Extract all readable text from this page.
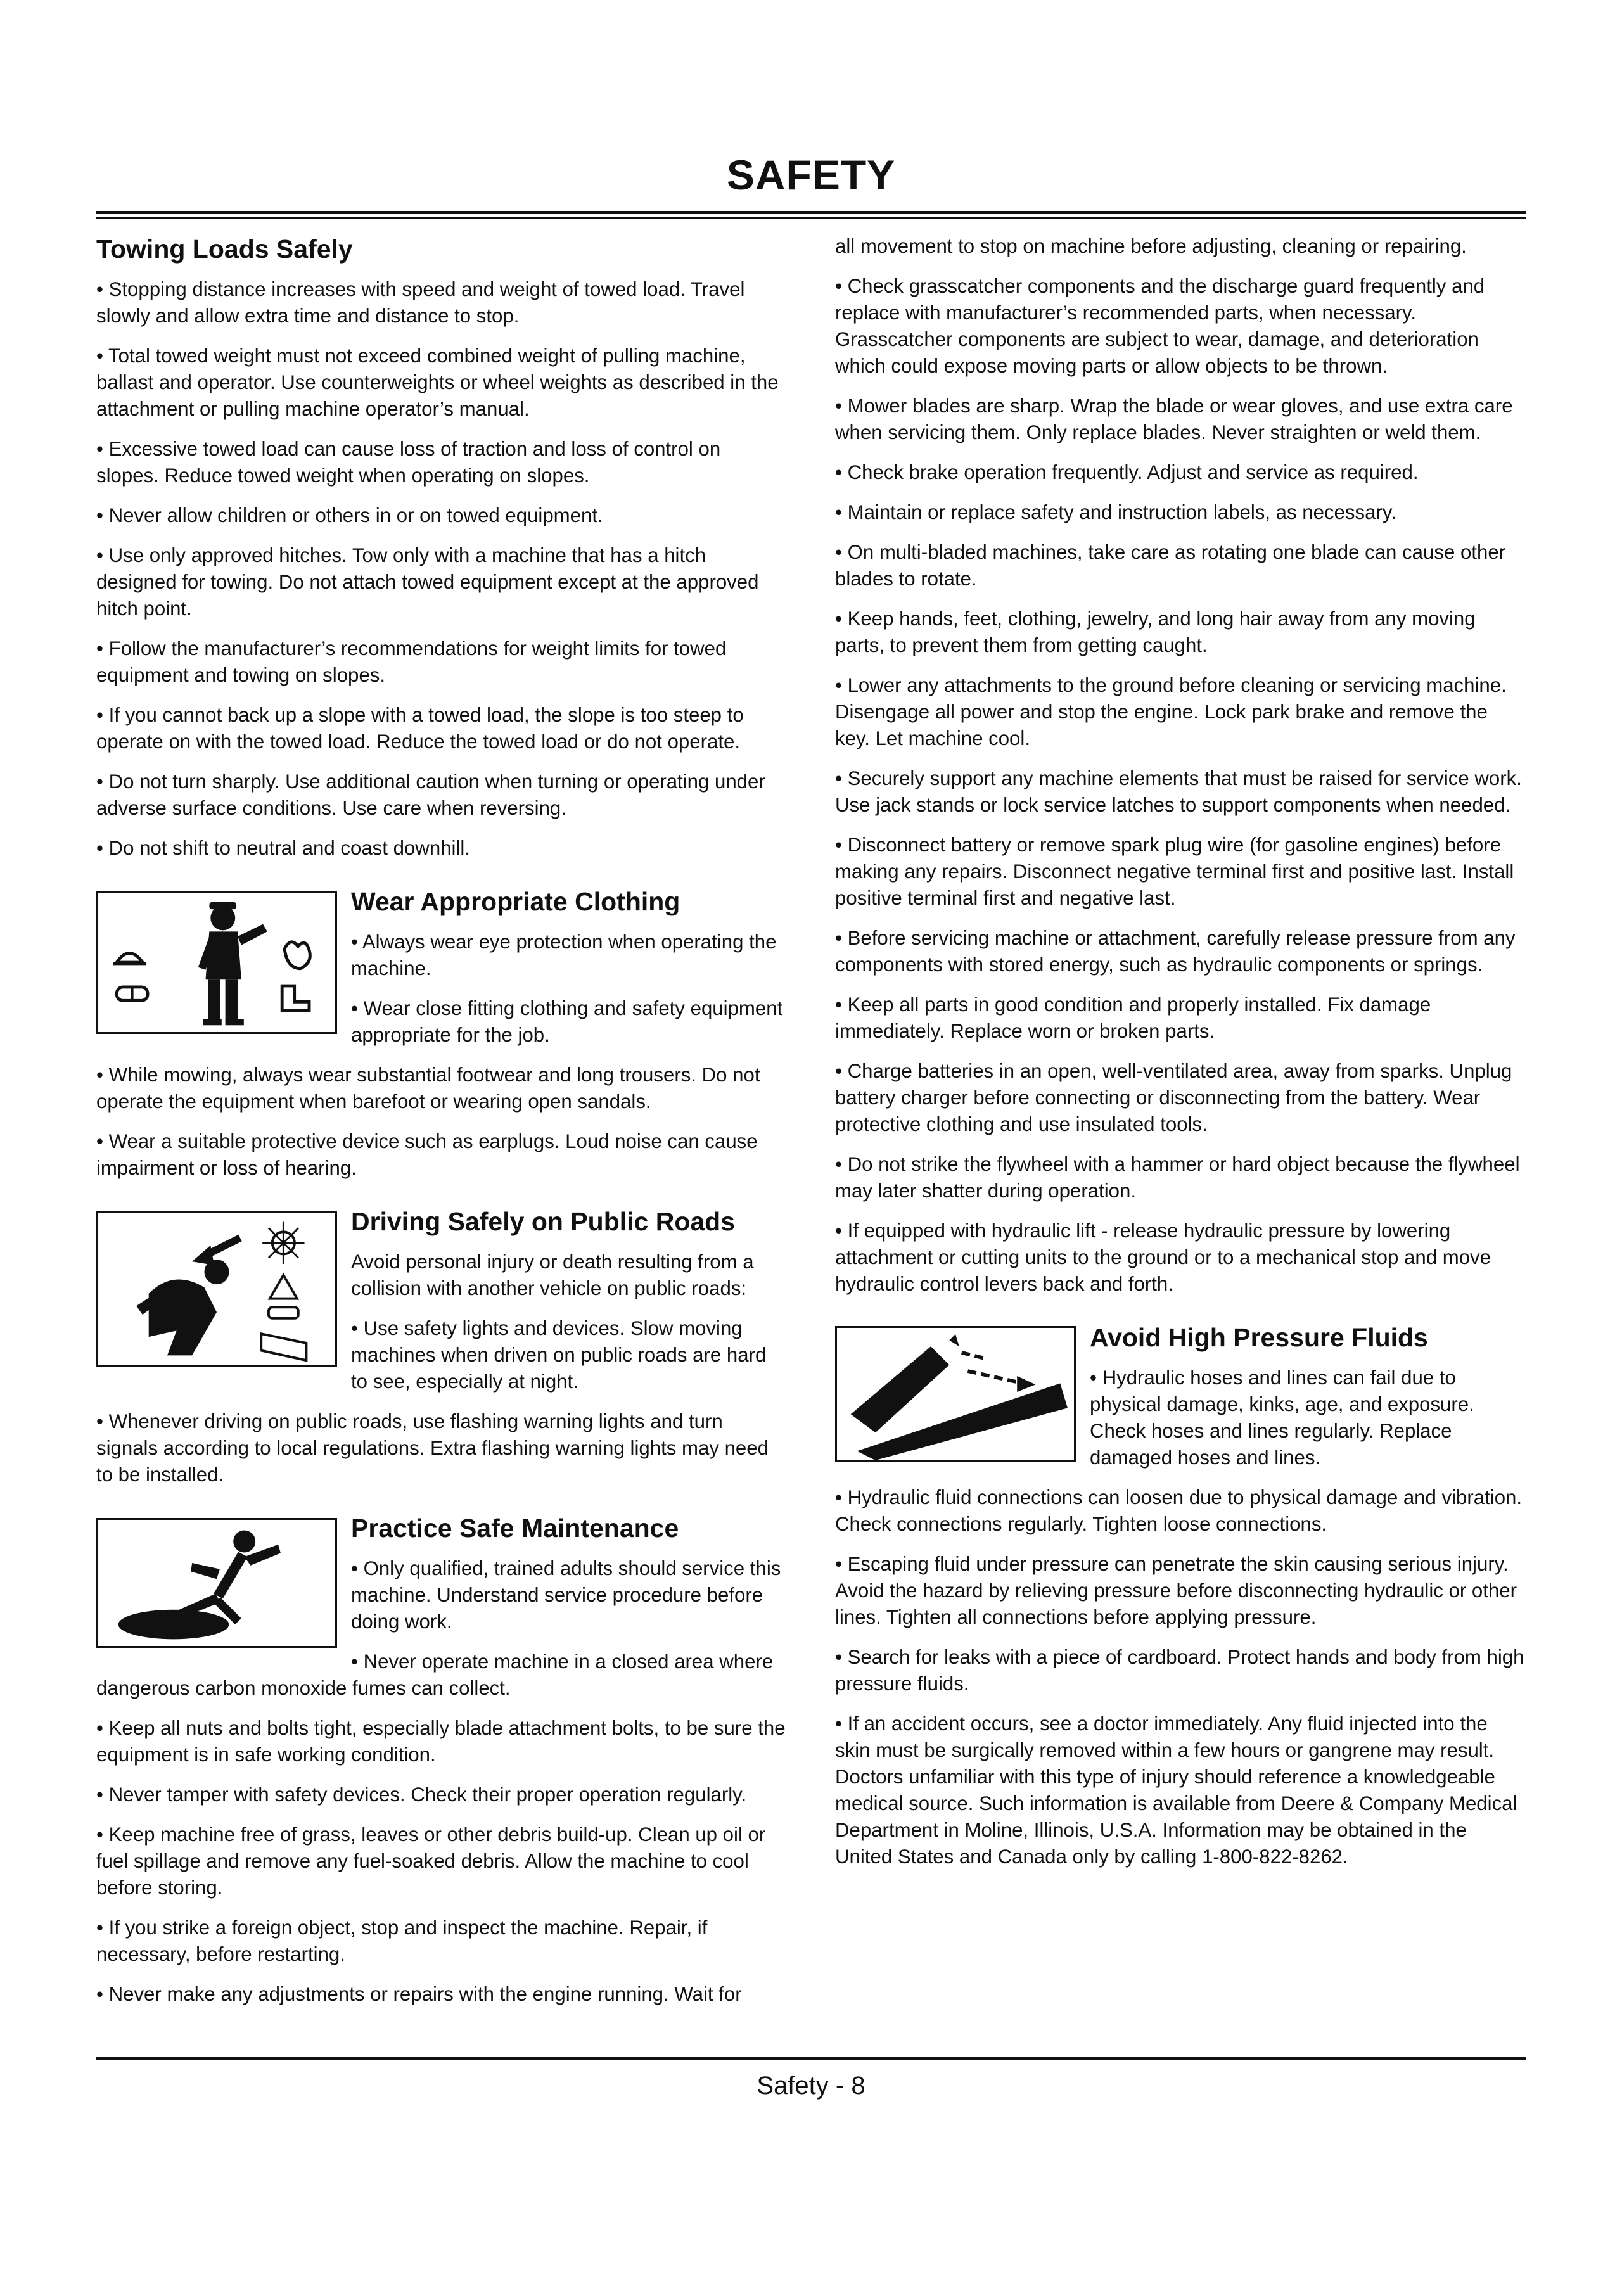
SAFETY
Towing Loads Safely

• Stopping distance increases with speed and weight of towed load. Travel slowly and allow extra time and distance to stop.

• Total towed weight must not exceed combined weight of pulling machine, ballast and operator. Use counterweights or wheel weights as described in the attachment or pulling machine operator’s manual.

• Excessive towed load can cause loss of traction and loss of control on slopes. Reduce towed weight when operating on slopes.

• Never allow children or others in or on towed equipment.

• Use only approved hitches. Tow only with a machine that has a hitch designed for towing. Do not attach towed equipment except at the approved hitch point.

• Follow the manufacturer’s recommendations for weight limits for towed equipment and towing on slopes.

• If you cannot back up a slope with a towed load, the slope is too steep to operate on with the towed load. Reduce the towed load or do not operate.

• Do not turn sharply. Use additional caution when turning or operating under adverse surface conditions. Use care when reversing.

• Do not shift to neutral and coast downhill.

Wear Appropriate Clothing

• Always wear eye protection when operating the machine.

• Wear close fitting clothing and safety equipment appropriate for the job.

• While mowing, always wear substantial footwear and long trousers. Do not operate the equipment when barefoot or wearing open sandals.

• Wear a suitable protective device such as earplugs. Loud noise can cause impairment or loss of hearing.

Driving Safely on Public Roads

Avoid personal injury or death resulting from a collision with another vehicle on public roads:

• Use safety lights and devices. Slow moving machines when driven on public roads are hard to see, especially at night.

• Whenever driving on public roads, use flashing warning lights and turn signals according to local regulations. Extra flashing warning lights may need to be installed.

Practice Safe Maintenance

• Only qualified, trained adults should service this machine. Understand service procedure before doing work.

• Never operate machine in a closed area where dangerous carbon monoxide fumes can collect.

• Keep all nuts and bolts tight, especially blade attachment bolts, to be sure the equipment is in safe working condition.

• Never tamper with safety devices. Check their proper operation regularly.

• Keep machine free of grass, leaves or other debris build-up. Clean up oil or fuel spillage and remove any fuel-soaked debris. Allow the machine to cool before storing.

• If you strike a foreign object, stop and inspect the machine. Repair, if necessary, before restarting.

• Never make any adjustments or repairs with the engine running. Wait for

all movement to stop on machine before adjusting, cleaning or repairing.

• Check grasscatcher components and the discharge guard frequently and replace with manufacturer’s recommended parts, when necessary. Grasscatcher components are subject to wear, damage, and deterioration which could expose moving parts or allow objects to be thrown.

• Mower blades are sharp. Wrap the blade or wear gloves, and use extra care when servicing them. Only replace blades. Never straighten or weld them.

• Check brake operation frequently. Adjust and service as required.

• Maintain or replace safety and instruction labels, as necessary.

• On multi-bladed machines, take care as rotating one blade can cause other blades to rotate.

• Keep hands, feet, clothing, jewelry, and long hair away from any moving parts, to prevent them from getting caught.

• Lower any attachments to the ground before cleaning or servicing machine. Disengage all power and stop the engine. Lock park brake and remove the key. Let machine cool.

• Securely support any machine elements that must be raised for service work. Use jack stands or lock service latches to support components when needed.

• Disconnect battery or remove spark plug wire (for gasoline engines) before making any repairs. Disconnect negative terminal first and positive last. Install positive terminal first and negative last.

• Before servicing machine or attachment, carefully release pressure from any components with stored energy, such as hydraulic components or springs.

• Keep all parts in good condition and properly installed. Fix damage immediately. Replace worn or broken parts.

• Charge batteries in an open, well-ventilated area, away from sparks. Unplug battery charger before connecting or disconnecting from the battery. Wear protective clothing and use insulated tools.

• Do not strike the flywheel with a hammer or hard object because the flywheel may later shatter during operation.

• If equipped with hydraulic lift - release hydraulic pressure by lowering attachment or cutting units to the ground or to a mechanical stop and move hydraulic control levers back and forth.

Avoid High Pressure Fluids

• Hydraulic hoses and lines can fail due to physical damage, kinks, age, and exposure. Check hoses and lines regularly. Replace damaged hoses and lines.

• Hydraulic fluid connections can loosen due to physical damage and vibration. Check connections regularly. Tighten loose connections.

• Escaping fluid under pressure can penetrate the skin causing serious injury. Avoid the hazard by relieving pressure before disconnecting hydraulic or other lines. Tighten all connections before applying pressure.

• Search for leaks with a piece of cardboard. Protect hands and body from high pressure fluids.

• If an accident occurs, see a doctor immediately. Any fluid injected into the skin must be surgically removed within a few hours or gangrene may result. Doctors unfamiliar with this type of injury should reference a knowledgeable medical source. Such information is available from Deere & Company Medical Department in Moline, Illinois, U.S.A. Information may be obtained in the United States and Canada only by calling 1-800-822-8262.

Safety - 8
